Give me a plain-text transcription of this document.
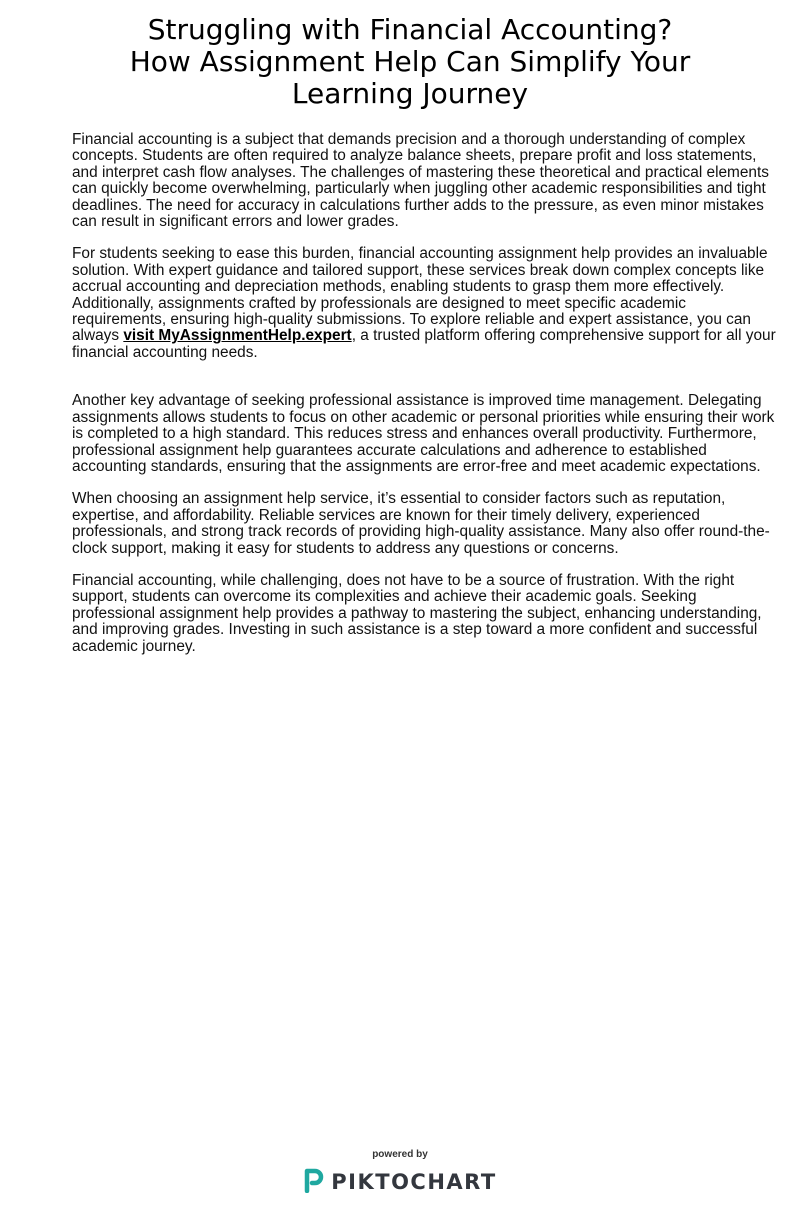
Struggling with Financial Accounting?
How Assignment Help Can Simplify Your
Learning Journey

Financial accounting is a subject that demands precision and a thorough understanding of complex concepts. Students are often required to analyze balance sheets, prepare profit and loss statements, and interpret cash flow analyses. The challenges of mastering these theoretical and practical elements can quickly become overwhelming, particularly when juggling other academic responsibilities and tight deadlines. The need for accuracy in calculations further adds to the pressure, as even minor mistakes can result in significant errors and lower grades.

For students seeking to ease this burden, financial accounting assignment help provides an invaluable solution. With expert guidance and tailored support, these services break down complex concepts like accrual accounting and depreciation methods, enabling students to grasp them more effectively. Additionally, assignments crafted by professionals are designed to meet specific academic requirements, ensuring high-quality submissions. To explore reliable and expert assistance, you can always visit MyAssignmentHelp.expert, a trusted platform offering comprehensive support for all your financial accounting needs.

Another key advantage of seeking professional assistance is improved time management. Delegating assignments allows students to focus on other academic or personal priorities while ensuring their work is completed to a high standard. This reduces stress and enhances overall productivity. Furthermore, professional assignment help guarantees accurate calculations and adherence to established accounting standards, ensuring that the assignments are error-free and meet academic expectations.

When choosing an assignment help service, it’s essential to consider factors such as reputation, expertise, and affordability. Reliable services are known for their timely delivery, experienced professionals, and strong track records of providing high-quality assistance. Many also offer round-the-clock support, making it easy for students to address any questions or concerns.

Financial accounting, while challenging, does not have to be a source of frustration. With the right support, students can overcome its complexities and achieve their academic goals. Seeking professional assignment help provides a pathway to mastering the subject, enhancing understanding, and improving grades. Investing in such assistance is a step toward a more confident and successful academic journey.

powered by
PIKTOCHART
